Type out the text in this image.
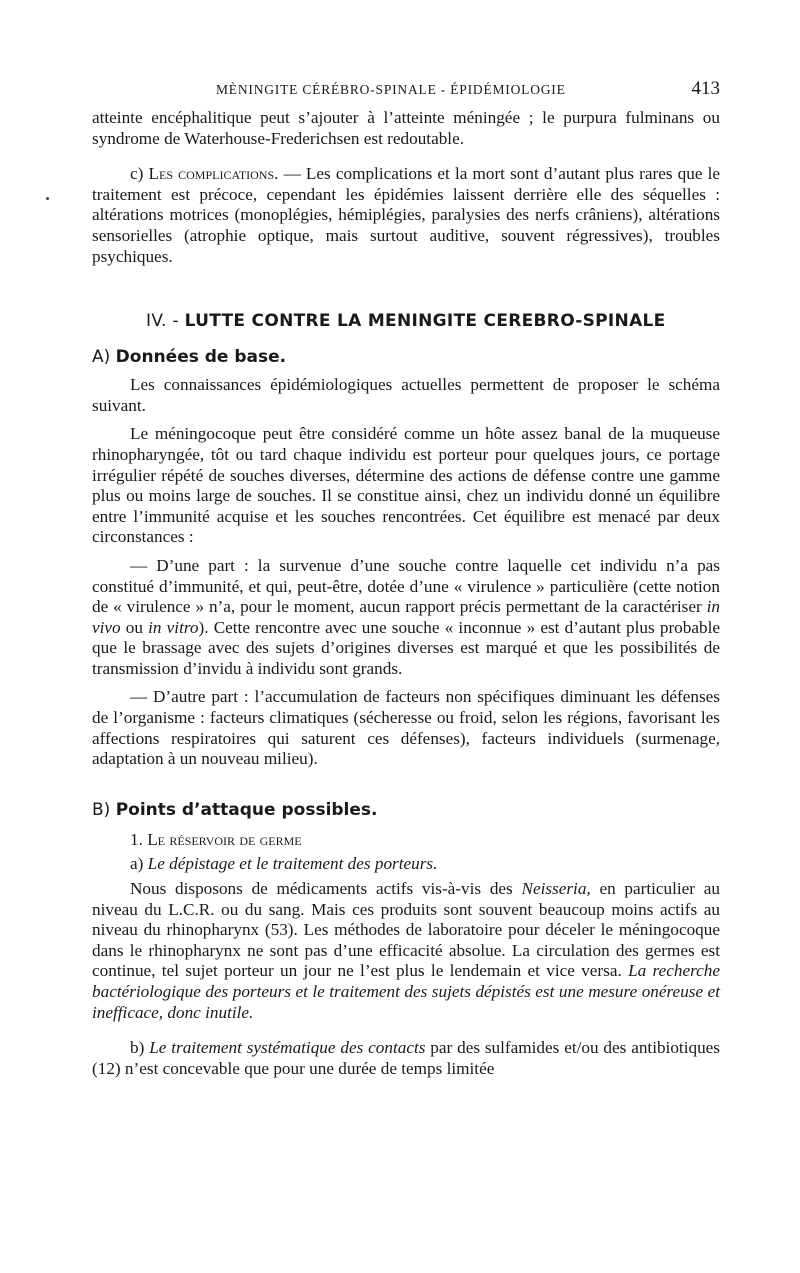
MÈNINGITE CÉRÉBRO-SPINALE - ÉPIDÉMIOLOGIE	413

atteinte encéphalitique peut s’ajouter à l’atteinte méningée ; le purpura fulminans ou syndrome de Waterhouse-Frederichsen est redoutable.

c) Les complications. — Les complications et la mort sont d’autant plus rares que le traitement est précoce, cependant les épidémies laissent derrière elle des séquelles : altérations motrices (monoplégies, hémiplégies, paralysies des nerfs crâniens), altérations sensorielles (atrophie optique, mais surtout auditive, souvent régressives), troubles psychiques.

IV. - LUTTE CONTRE LA MENINGITE CEREBRO-SPINALE
A) Données de base.

Les connaissances épidémiologiques actuelles permettent de proposer le schéma suivant.

Le méningocoque peut être considéré comme un hôte assez banal de la muqueuse rhinopharyngée, tôt ou tard chaque individu est porteur pour quelques jours, ce portage irrégulier répété de souches diverses, détermine des actions de défense contre une gamme plus ou moins large de souches. Il se constitue ainsi, chez un individu donné un équilibre entre l’immunité acquise et les souches rencontrées. Cet équilibre est menacé par deux circonstances :

— D’une part : la survenue d’une souche contre laquelle cet individu n’a pas constitué d’immunité, et qui, peut-être, dotée d’une « virulence » particulière (cette notion de « virulence » n’a, pour le moment, aucun rapport précis permettant de la caractériser in vivo ou in vitro). Cette rencontre avec une souche « inconnue » est d’autant plus probable que le brassage avec des sujets d’origines diverses est marqué et que les possibilités de transmission d’invidu à individu sont grands.

— D’autre part : l’accumulation de facteurs non spécifiques diminuant les défenses de l’organisme : facteurs climatiques (sécheresse ou froid, selon les régions, favorisant les affections respiratoires qui saturent ces défenses), facteurs individuels (surmenage, adaptation à un nouveau milieu).

B) Points d’attaque possibles.

1. Le réservoir de germe

a) Le dépistage et le traitement des porteurs.

Nous disposons de médicaments actifs vis-à-vis des Neisseria, en particulier au niveau du L.C.R. ou du sang. Mais ces produits sont souvent beaucoup moins actifs au niveau du rhinopharynx (53). Les méthodes de laboratoire pour déceler le méningocoque dans le rhinopharynx ne sont pas d’une efficacité absolue. La circulation des germes est continue, tel sujet porteur un jour ne l’est plus le lendemain et vice versa. La recherche bactériologique des porteurs et le traitement des sujets dépistés est une mesure onéreuse et inefficace, donc inutile.

b) Le traitement systématique des contacts par des sulfamides et/ou des antibiotiques (12) n’est concevable que pour une durée de temps limitée
